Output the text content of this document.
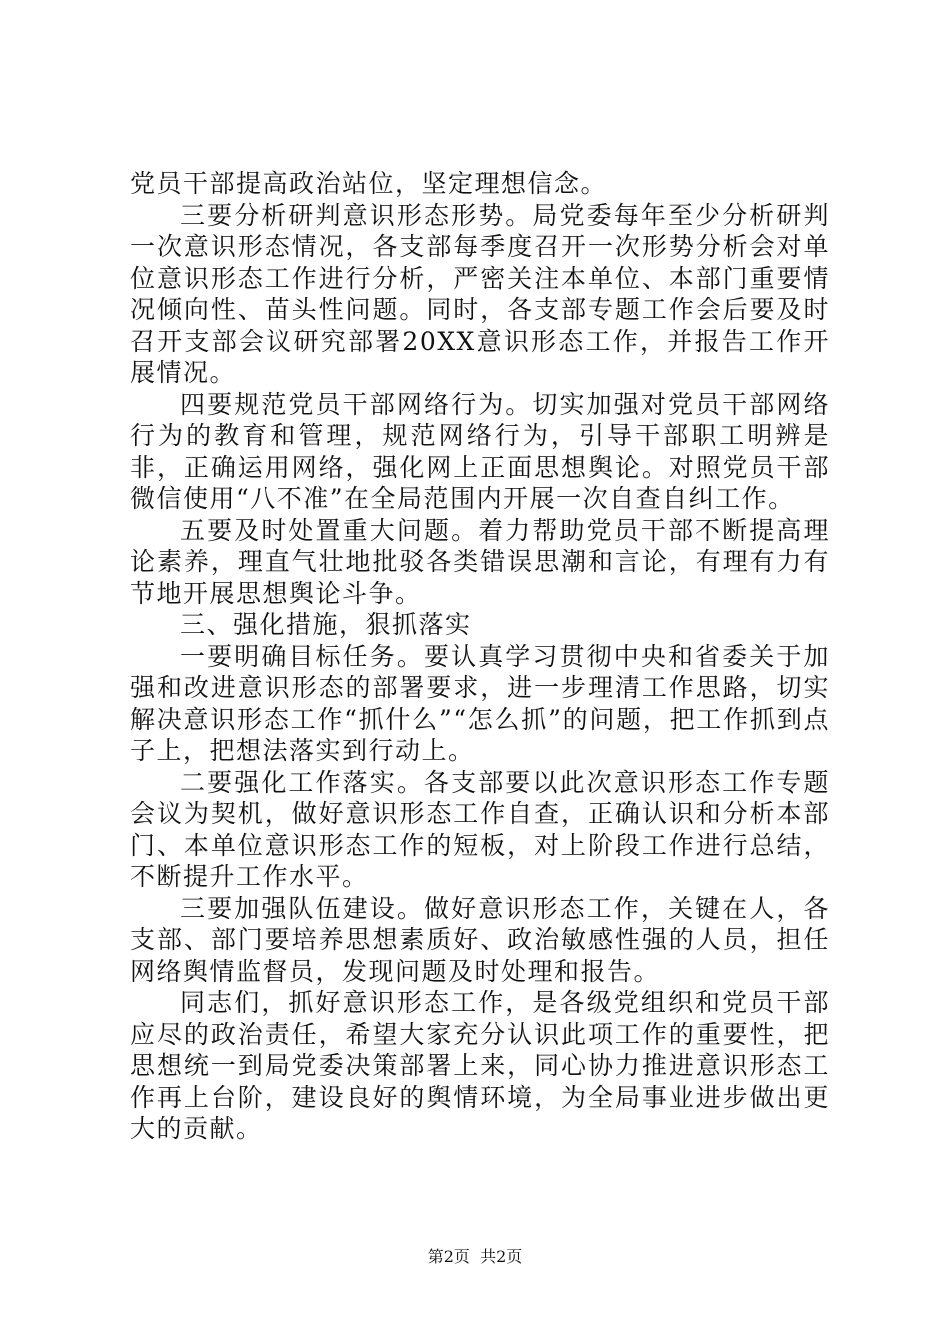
党员干部提高政治站位，坚定理想信念。

三要分析研判意识形态形势。局党委每年至少分析研判一次意识形态情况，各支部每季度召开一次形势分析会对单位意识形态工作进行分析，严密关注本单位、本部门重要情况倾向性、苗头性问题。同时，各支部专题工作会后要及时召开支部会议研究部署20XX意识形态工作，并报告工作开展情况。

四要规范党员干部网络行为。切实加强对党员干部网络行为的教育和管理，规范网络行为，引导干部职工明辨是非，正确运用网络，强化网上正面思想舆论。对照党员干部微信使用“八不准”在全局范围内开展一次自查自纠工作。

五要及时处置重大问题。着力帮助党员干部不断提高理论素养，理直气壮地批驳各类错误思潮和言论，有理有力有节地开展思想舆论斗争。

三、强化措施，狠抓落实

一要明确目标任务。要认真学习贯彻中央和省委关于加强和改进意识形态的部署要求，进一步理清工作思路，切实解决意识形态工作“抓什么”“怎么抓”的问题，把工作抓到点子上，把想法落实到行动上。

二要强化工作落实。各支部要以此次意识形态工作专题会议为契机，做好意识形态工作自查，正确认识和分析本部门、本单位意识形态工作的短板，对上阶段工作进行总结，不断提升工作水平。

三要加强队伍建设。做好意识形态工作，关键在人，各支部、部门要培养思想素质好、政治敏感性强的人员，担任网络舆情监督员，发现问题及时处理和报告。

同志们，抓好意识形态工作，是各级党组织和党员干部应尽的政治责任，希望大家充分认识此项工作的重要性，把思想统一到局党委决策部署上来，同心协力推进意识形态工作再上台阶，建设良好的舆情环境，为全局事业进步做出更大的贡献。

第2页  共2页
